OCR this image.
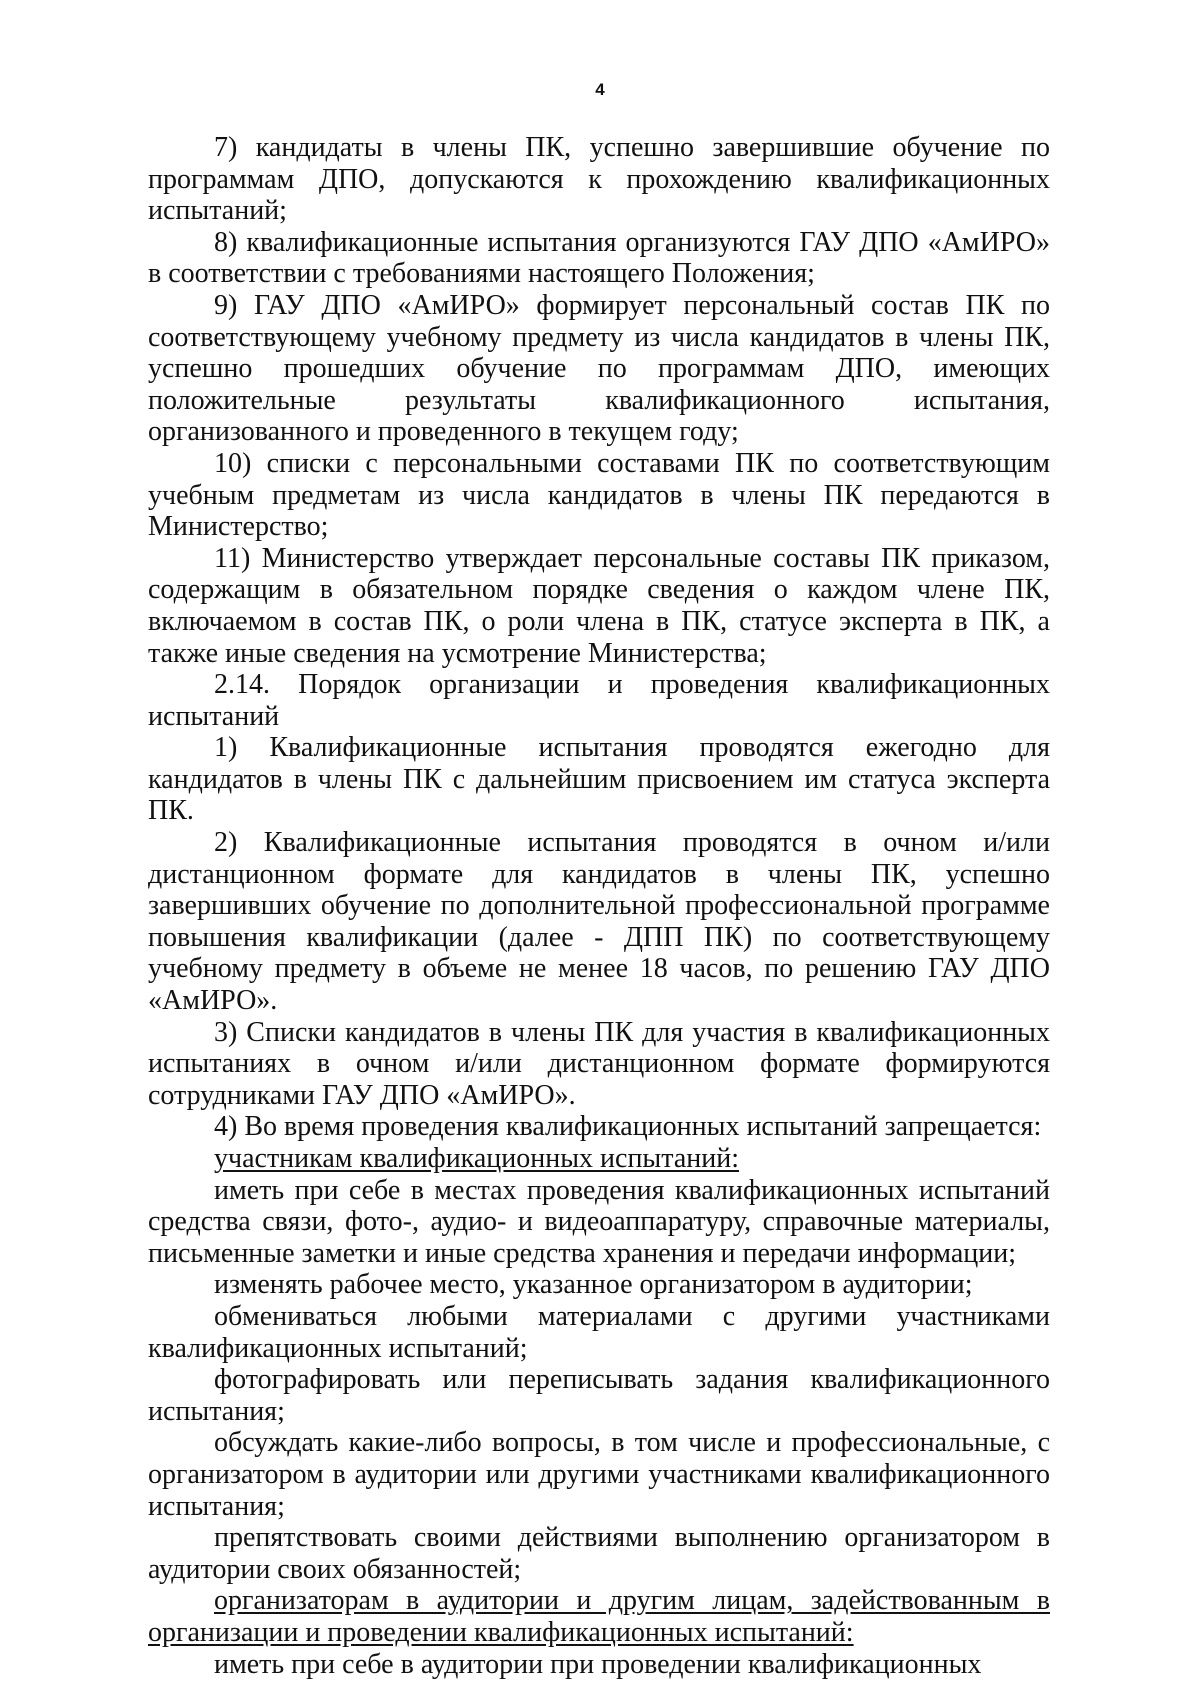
4

7) кандидаты в члены ПК, успешно завершившие обучение по программам ДПО, допускаются к прохождению квалификационных испытаний;

8) квалификационные испытания организуются ГАУ ДПО «АмИРО» в соответствии с требованиями настоящего Положения;

9) ГАУ ДПО «АмИРО» формирует персональный состав ПК по соответствующему учебному предмету из числа кандидатов в члены ПК, успешно прошедших обучение по программам ДПО, имеющих положительные результаты квалификационного испытания, организованного и проведенного в текущем году;

10) списки с персональными составами ПК по соответствующим учебным предметам из числа кандидатов в члены ПК передаются в Министерство;

11) Министерство утверждает персональные составы ПК приказом, содержащим в обязательном порядке сведения о каждом члене ПК, включаемом в состав ПК, о роли члена в ПК, статусе эксперта в ПК, а также иные сведения на усмотрение Министерства;

2.14. Порядок организации и проведения квалификационных испытаний

1) Квалификационные испытания проводятся ежегодно для кандидатов в члены ПК с дальнейшим присвоением им статуса эксперта ПК.

2) Квалификационные испытания проводятся в очном и/или дистанционном формате для кандидатов в члены ПК, успешно завершивших обучение по дополнительной профессиональной программе повышения квалификации (далее - ДПП ПК) по соответствующему учебному предмету в объеме не менее 18 часов, по решению ГАУ ДПО «АмИРО».

3) Списки кандидатов в члены ПК для участия в квалификационных испытаниях в очном и/или дистанционном формате формируются сотрудниками ГАУ ДПО «АмИРО».

4) Во время проведения квалификационных испытаний запрещается:

участникам квалификационных испытаний:

иметь при себе в местах проведения квалификационных испытаний средства связи, фото-, аудио- и видеоаппаратуру, справочные материалы, письменные заметки и иные средства хранения и передачи информации;

изменять рабочее место, указанное организатором в аудитории;

обмениваться любыми материалами с другими участниками квалификационных испытаний;

фотографировать или переписывать задания квалификационного испытания;

обсуждать какие-либо вопросы, в том числе и профессиональные, с организатором в аудитории или другими участниками квалификационного испытания;

препятствовать своими действиями выполнению организатором в аудитории своих обязанностей;

организаторам в аудитории и другим лицам, задействованным в организации и проведении квалификационных испытаний:

иметь при себе в аудитории при проведении квалификационных
